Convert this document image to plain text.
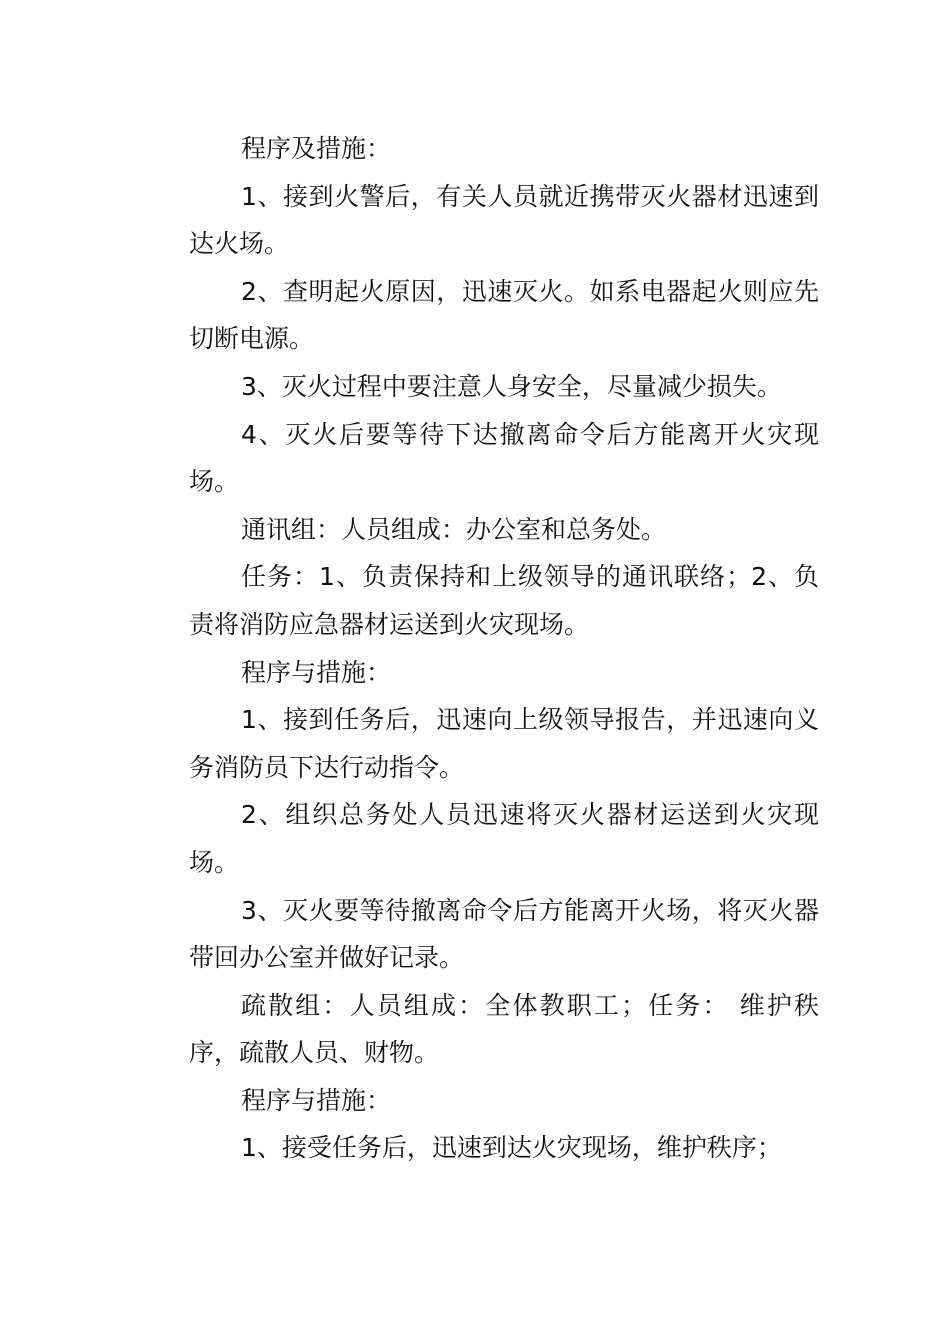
程序及措施：

1、接到火警后，有关人员就近携带灭火器材迅速到达火场。

2、查明起火原因，迅速灭火。如系电器起火则应先切断电源。

3、灭火过程中要注意人身安全，尽量减少损失。

4、灭火后要等待下达撤离命令后方能离开火灾现场。

通讯组：人员组成：办公室和总务处。

任务：1、负责保持和上级领导的通讯联络；2、负责将消防应急器材运送到火灾现场。

程序与措施：

1、接到任务后，迅速向上级领导报告，并迅速向义务消防员下达行动指令。

2、组织总务处人员迅速将灭火器材运送到火灾现场。

3、灭火要等待撤离命令后方能离开火场，将灭火器带回办公室并做好记录。

疏散组：人员组成：全体教职工；任务： 维护秩序，疏散人员、财物。

程序与措施：

1、接受任务后，迅速到达火灾现场，维护秩序；
